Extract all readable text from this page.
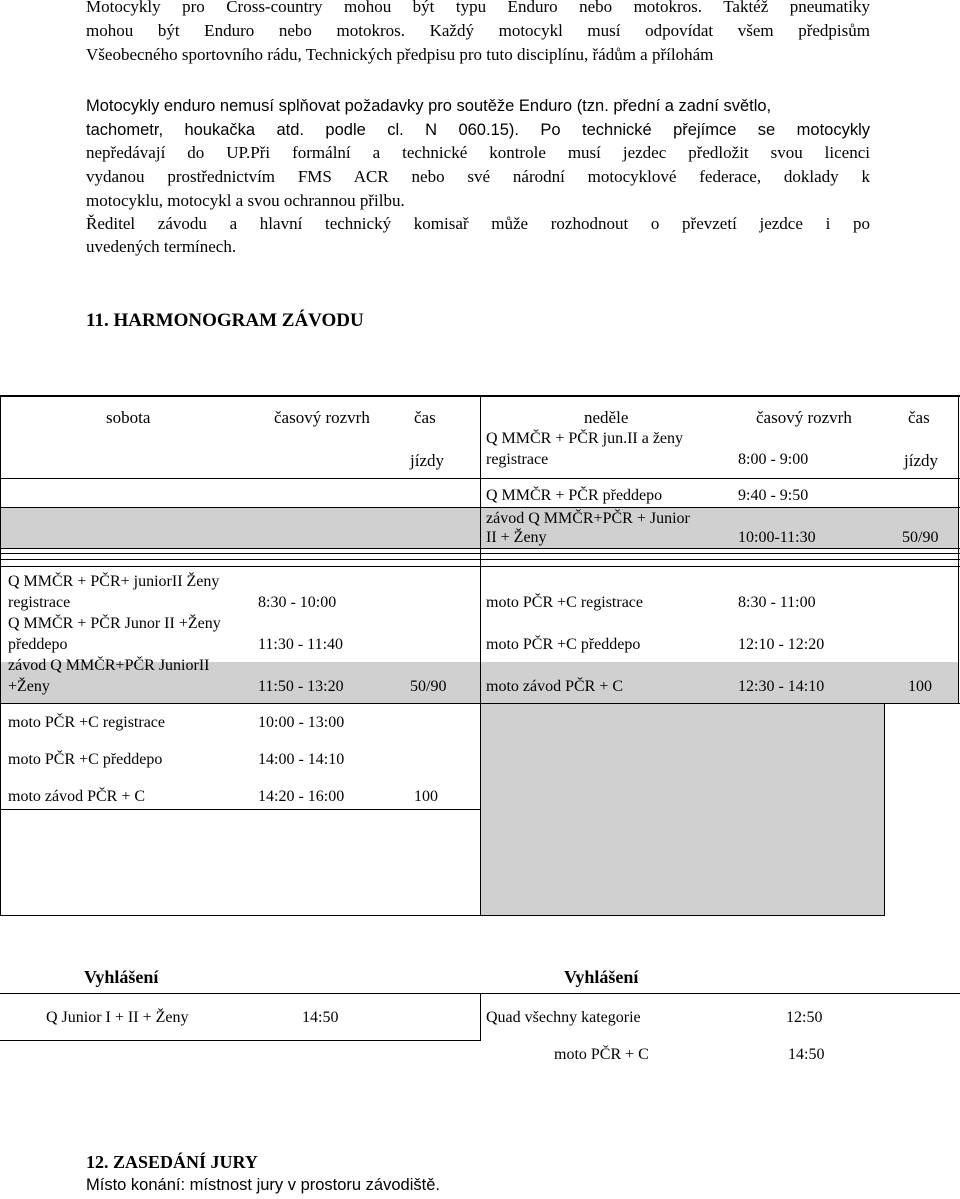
Motocykly pro Cross-country mohou být typu Enduro nebo motokros. Taktéž pneumatiky
mohou být Enduro nebo motokros. Každý motocykl musí odpovídat všem předpisům
Všeobecného sportovního rádu, Technických předpisu pro tuto disciplínu, řádům a přílohám
Motocykly enduro nemusí splňovat požadavky pro soutěže Enduro (tzn. přední a zadní světlo,
tachometr, houkačka atd. podle cl. N 060.15). Po technické přejímce se motocykly
nepředávají do UP.Při formální a technické kontrole musí jezdec předložit svou licenci
vydanou prostřednictvím FMS ACR nebo své národní motocyklové federace, doklady k
motocyklu, motocykl a svou ochrannou přilbu.
Ředitel závodu a hlavní technický komisař může rozhodnout o převzetí jezdce i po
uvedených termínech.
11. HARMONOGRAM ZÁVODU
sobota	časový rozvrh	čas
jízdy
neděle	časový rozvrh	čas
jízdy
Q MMČR + PČR jun.II a ženy
registrace	8:00 - 9:00
Q MMČR + PČR předdepo	9:40 - 9:50
závod Q MMČR+PČR + Junior
II + Ženy	10:00-11:30	50/90
moto PČR +C registrace	8:30 - 11:00
moto PČR +C předdepo	12:10 - 12:20
moto závod PČR + C	12:30 - 14:10	100
Q MMČR + PČR+ juniorII Ženy
registrace	8:30 - 10:00
Q MMČR + PČR Junor II +Ženy
předdepo	11:30 - 11:40
závod Q MMČR+PČR JuniorII
+Ženy	11:50 - 13:20	50/90
moto PČR +C registrace	10:00 - 13:00
moto PČR +C předdepo	14:00 - 14:10
moto závod PČR + C	14:20 - 16:00	100
Vyhlášení	Vyhlášení
Q Junior I + II + Ženy	14:50	Quad všechny kategorie	12:50
moto PČR + C	14:50
12. ZASEDÁNÍ JURY
Místo konání: místnost jury v prostoru závodiště.
